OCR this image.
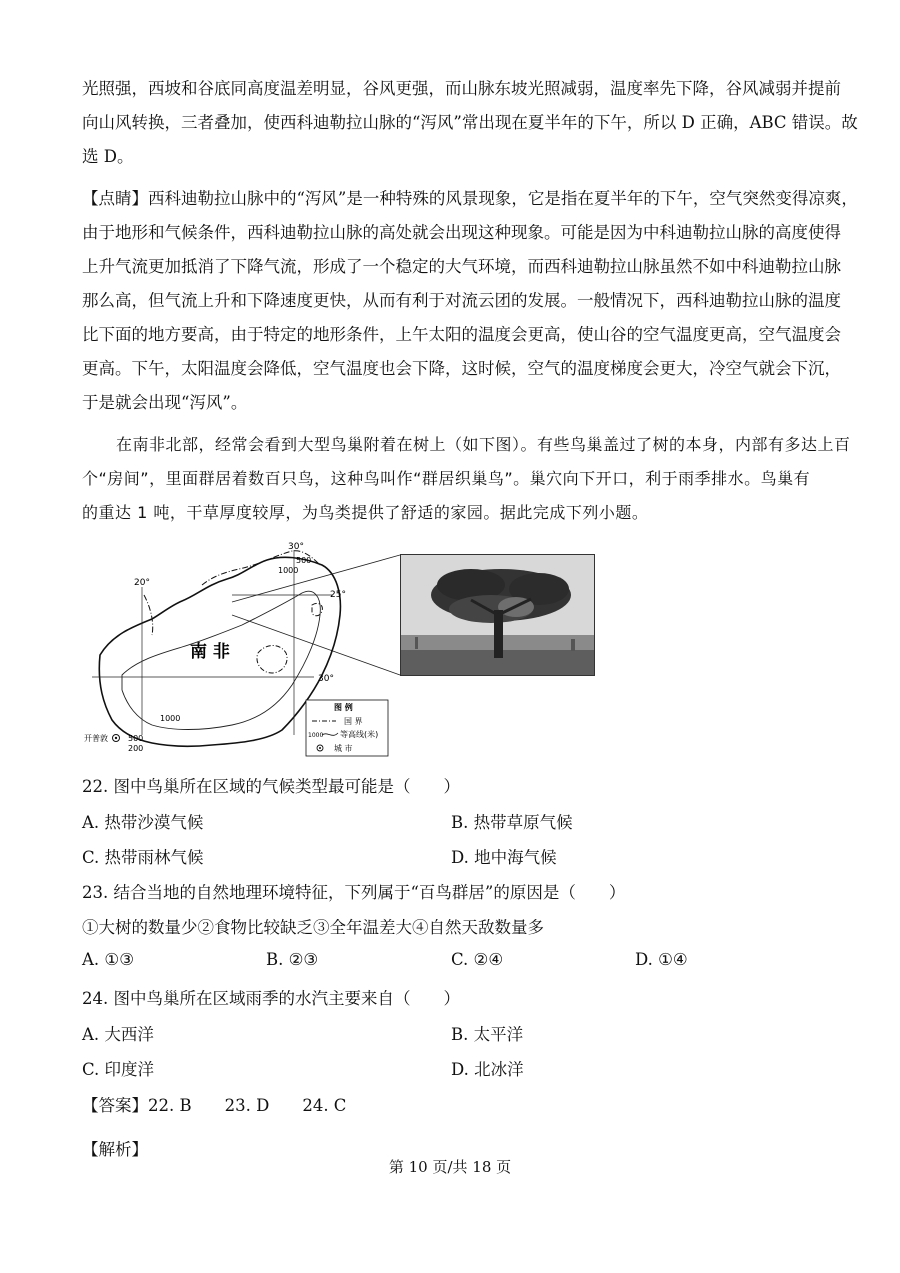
光照强，西坡和谷底同高度温差明显，谷风更强，而山脉东坡光照减弱，温度率先下降，谷风减弱并提前
向山风转换，三者叠加，使西科迪勒拉山脉的“泻风”常出现在夏半年的下午，所以 D 正确，ABC 错误。故
选 D。

【点睛】西科迪勒拉山脉中的“泻风”是一种特殊的风景现象，它是指在夏半年的下午，空气突然变得凉爽，
由于地形和气候条件，西科迪勒拉山脉的高处就会出现这种现象。可能是因为中科迪勒拉山脉的高度使得
上升气流更加抵消了下降气流，形成了一个稳定的大气环境，而西科迪勒拉山脉虽然不如中科迪勒拉山脉
那么高，但气流上升和下降速度更快，从而有利于对流云团的发展。一般情况下，西科迪勒拉山脉的温度
比下面的地方要高，由于特定的地形条件，上午太阳的温度会更高，使山谷的空气温度更高，空气温度会
更高。下午，太阳温度会降低，空气温度也会下降，这时候，空气的温度梯度会更大，冷空气就会下沉，
于是就会出现“泻风”。

在南非北部，经常会看到大型鸟巢附着在树上（如下图）。有些鸟巢盖过了树的本身，内部有多达上百
个“房间”，里面群居着数百只鸟，这种鸟叫作“群居织巢鸟”。巢穴向下开口，利于雨季排水。鸟巢有
的重达 1 吨，干草厚度较厚，为鸟类提供了舒适的家园。据此完成下列小题。

30°
20°
500
1000
25°
南 非
30°
1000
开普敦	500
200
图 例
国 界
1000 等高线(米)
城 市

22. 图中鸟巢所在区域的气候类型最可能是（　　）

A. 热带沙漠气候	B. 热带草原气候

C. 热带雨林气候	D. 地中海气候

23. 结合当地的自然地理环境特征，下列属于“百鸟群居”的原因是（　　）

①大树的数量少②食物比较缺乏③全年温差大④自然天敌数量多

A. ①③	B. ②③	C. ②④	D. ①④

24. 图中鸟巢所在区域雨季的水汽主要来自（　　）

A. 大西洋	B. 太平洋

C. 印度洋	D. 北冰洋

【答案】22. B　　23. D　　24. C

【解析】

第 10 页/共 18 页
